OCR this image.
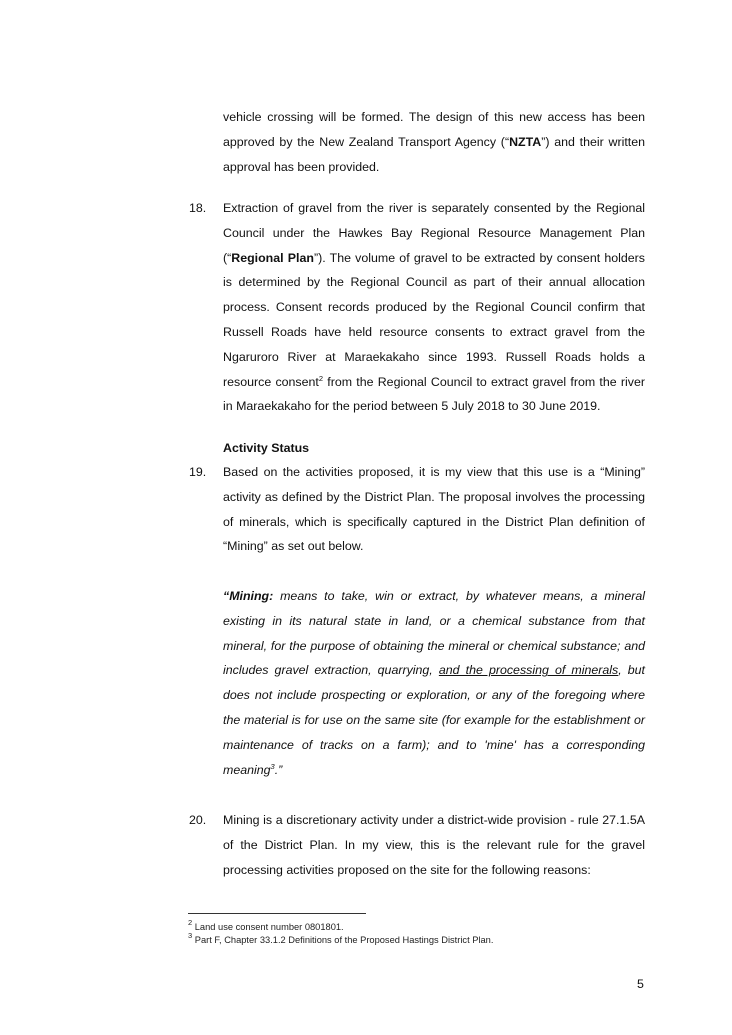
vehicle crossing will be formed. The design of this new access has been approved by the New Zealand Transport Agency (“NZTA”) and their written approval has been provided.
18. Extraction of gravel from the river is separately consented by the Regional Council under the Hawkes Bay Regional Resource Management Plan (“Regional Plan”). The volume of gravel to be extracted by consent holders is determined by the Regional Council as part of their annual allocation process. Consent records produced by the Regional Council confirm that Russell Roads have held resource consents to extract gravel from the Ngaruroro River at Maraekakaho since 1993. Russell Roads holds a resource consent$^2$ from the Regional Council to extract gravel from the river in Maraekakaho for the period between 5 July 2018 to 30 June 2019.
Activity Status
19. Based on the activities proposed, it is my view that this use is a “Mining” activity as defined by the District Plan. The proposal involves the processing of minerals, which is specifically captured in the District Plan definition of “Mining” as set out below.
“Mining: means to take, win or extract, by whatever means, a mineral existing in its natural state in land, or a chemical substance from that mineral, for the purpose of obtaining the mineral or chemical substance; and includes gravel extraction, quarrying, and the processing of minerals, but does not include prospecting or exploration, or any of the foregoing where the material is for use on the same site (for example for the establishment or maintenance of tracks on a farm); and to 'mine' has a corresponding meaning$^3$.”
20. Mining is a discretionary activity under a district-wide provision - rule 27.1.5A of the District Plan. In my view, this is the relevant rule for the gravel processing activities proposed on the site for the following reasons:
$^2$ Land use consent number 0801801.
$^3$ Part F, Chapter 33.1.2 Definitions of the Proposed Hastings District Plan.
5
